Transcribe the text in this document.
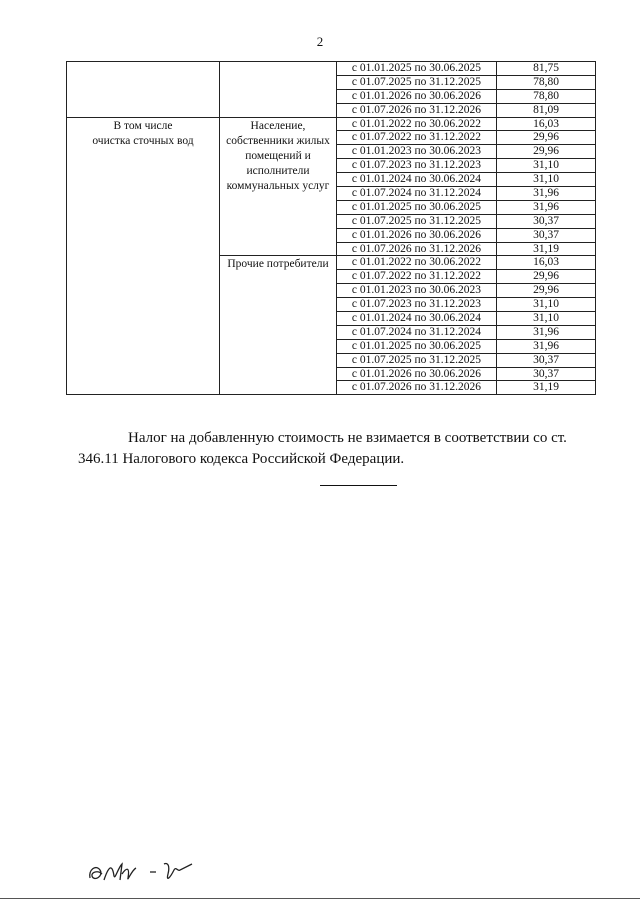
2
		с 01.01.2025 по 30.06.2025	81,75
		с 01.07.2025 по 31.12.2025	78,80
		с 01.01.2026 по 30.06.2026	78,80
		с 01.07.2026 по 31.12.2026	81,09

В том числе
очистка сточных вод	Население, собственники жилых помещений и исполнители коммунальных услуг	с 01.01.2022 по 30.06.2022	16,03
		с 01.07.2022 по 31.12.2022	29,96
		с 01.01.2023 по 30.06.2023	29,96
		с 01.07.2023 по 31.12.2023	31,10
		с 01.01.2024 по 30.06.2024	31,10
		с 01.07.2024 по 31.12.2024	31,96
		с 01.01.2025 по 30.06.2025	31,96
		с 01.07.2025 по 31.12.2025	30,37
		с 01.01.2026 по 30.06.2026	30,37
		с 01.07.2026 по 31.12.2026	31,19

	Прочие потребители	с 01.01.2022 по 30.06.2022	16,03
		с 01.07.2022 по 31.12.2022	29,96
		с 01.01.2023 по 30.06.2023	29,96
		с 01.07.2023 по 31.12.2023	31,10
		с 01.01.2024 по 30.06.2024	31,10
		с 01.07.2024 по 31.12.2024	31,96
		с 01.01.2025 по 30.06.2025	31,96
		с 01.07.2025 по 31.12.2025	30,37
		с 01.01.2026 по 30.06.2026	30,37
		с 01.07.2026 по 31.12.2026	31,19

Налог на добавленную стоимость не взимается в соответствии со ст.

346.11 Налогового кодекса Российской Федерации.
